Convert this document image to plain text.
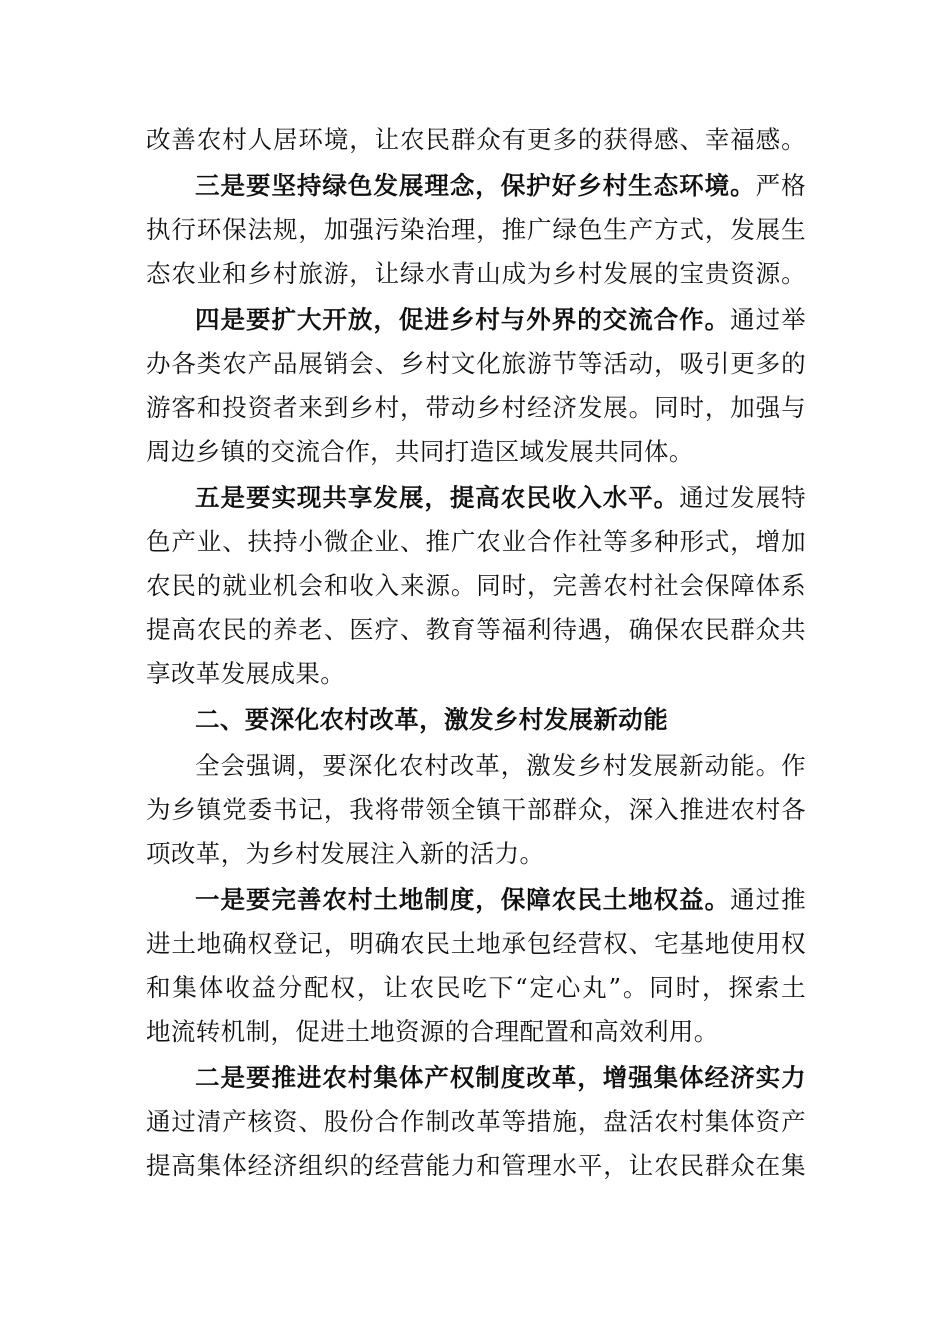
改善农村人居环境，让农民群众有更多的获得感、幸福感。
三是要坚持绿色发展理念，保护好乡村生态环境。严格
执行环保法规，加强污染治理，推广绿色生产方式，发展生
态农业和乡村旅游，让绿水青山成为乡村发展的宝贵资源。
四是要扩大开放，促进乡村与外界的交流合作。通过举
办各类农产品展销会、乡村文化旅游节等活动，吸引更多的
游客和投资者来到乡村，带动乡村经济发展。同时，加强与
周边乡镇的交流合作，共同打造区域发展共同体。
五是要实现共享发展，提高农民收入水平。通过发展特
色产业、扶持小微企业、推广农业合作社等多种形式，增加
农民的就业机会和收入来源。同时，完善农村社会保障体系
提高农民的养老、医疗、教育等福利待遇，确保农民群众共
享改革发展成果。
二、要深化农村改革，激发乡村发展新动能
全会强调，要深化农村改革，激发乡村发展新动能。作
为乡镇党委书记，我将带领全镇干部群众，深入推进农村各
项改革，为乡村发展注入新的活力。
一是要完善农村土地制度，保障农民土地权益。通过推
进土地确权登记，明确农民土地承包经营权、宅基地使用权
和集体收益分配权，让农民吃下“定心丸”。同时，探索土
地流转机制，促进土地资源的合理配置和高效利用。
二是要推进农村集体产权制度改革，增强集体经济实力
通过清产核资、股份合作制改革等措施，盘活农村集体资产
提高集体经济组织的经营能力和管理水平，让农民群众在集
